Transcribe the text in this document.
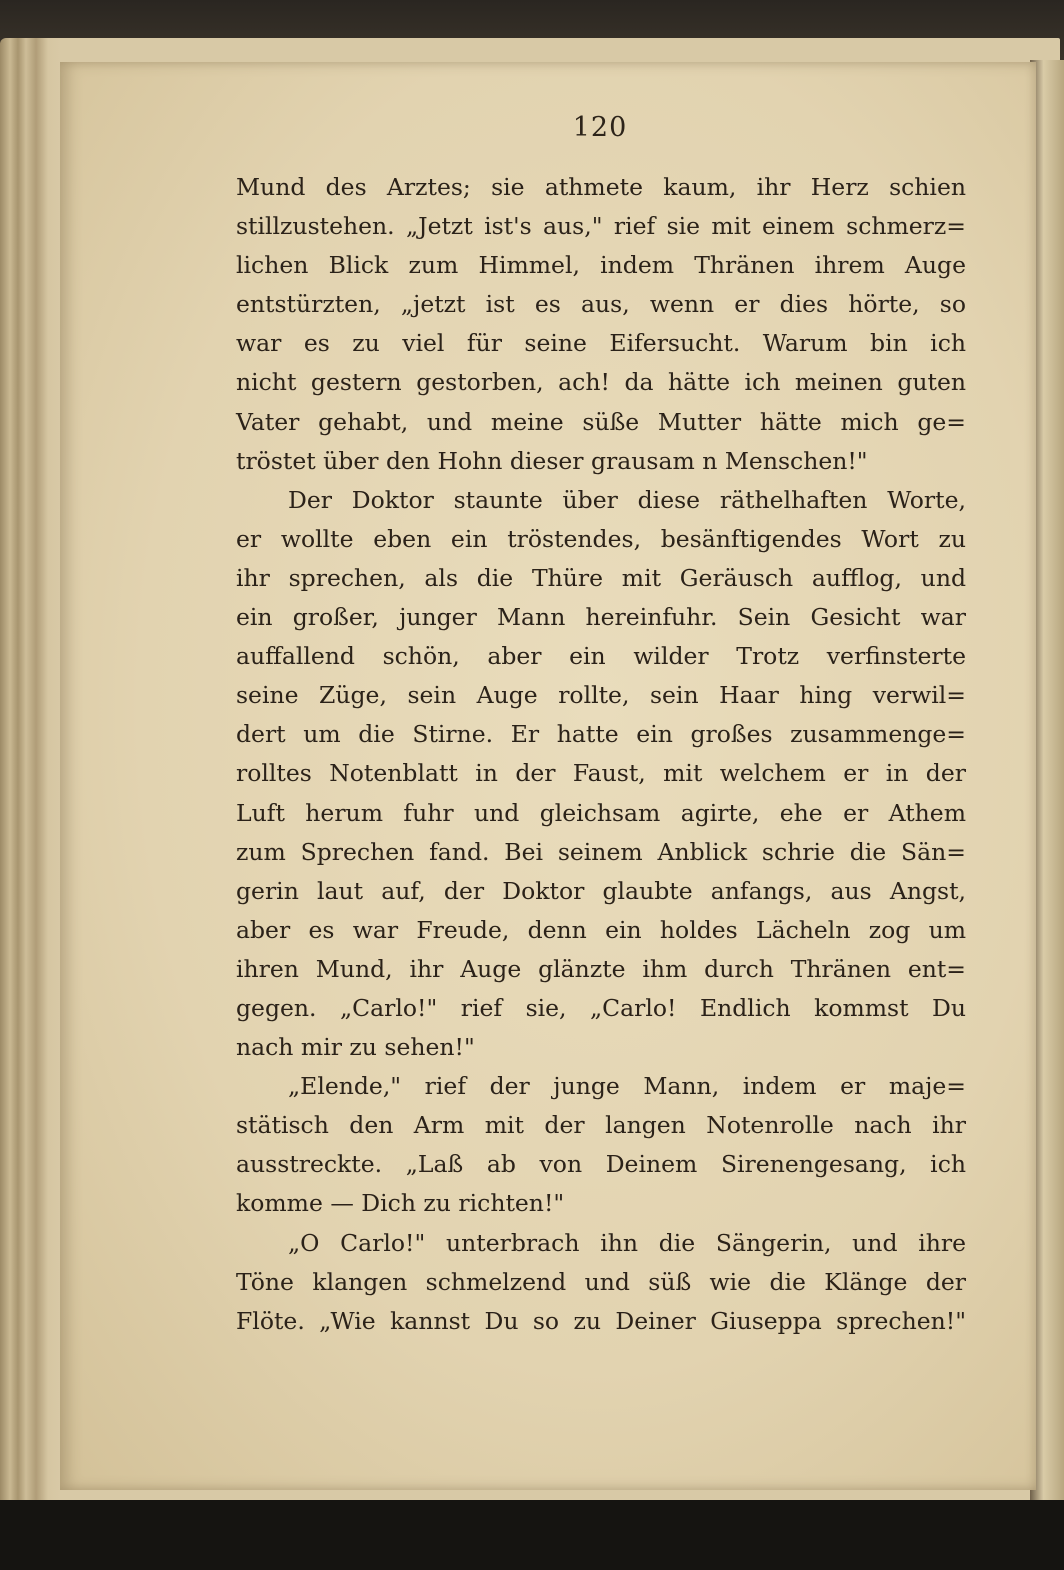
120
Mund des Arztes; sie athmete kaum, ihr Herz schien
stillzustehen. „Jetzt ist's aus," rief sie mit einem schmerz=
lichen Blick zum Himmel, indem Thränen ihrem Auge
entstürzten, „jetzt ist es aus, wenn er dies hörte, so
war es zu viel für seine Eifersucht. Warum bin ich
nicht gestern gestorben, ach! da hätte ich meinen guten
Vater gehabt, und meine süße Mutter hätte mich ge=
tröstet über den Hohn dieser grausam n Menschen!"
Der Doktor staunte über diese räthelhaften Worte,
er wollte eben ein tröstendes, besänftigendes Wort zu
ihr sprechen, als die Thüre mit Geräusch aufflog, und
ein großer, junger Mann hereinfuhr. Sein Gesicht war
auffallend schön, aber ein wilder Trotz verfinsterte
seine Züge, sein Auge rollte, sein Haar hing verwil=
dert um die Stirne. Er hatte ein großes zusammenge=
rolltes Notenblatt in der Faust, mit welchem er in der
Luft herum fuhr und gleichsam agirte, ehe er Athem
zum Sprechen fand. Bei seinem Anblick schrie die Sän=
gerin laut auf, der Doktor glaubte anfangs, aus Angst,
aber es war Freude, denn ein holdes Lächeln zog um
ihren Mund, ihr Auge glänzte ihm durch Thränen ent=
gegen. „Carlo!" rief sie, „Carlo! Endlich kommst Du
nach mir zu sehen!"
„Elende," rief der junge Mann, indem er maje=
stätisch den Arm mit der langen Notenrolle nach ihr
ausstreckte. „Laß ab von Deinem Sirenengesang, ich
komme — Dich zu richten!"
„O Carlo!" unterbrach ihn die Sängerin, und ihre
Töne klangen schmelzend und süß wie die Klänge der
Flöte. „Wie kannst Du so zu Deiner Giuseppa sprechen!"
